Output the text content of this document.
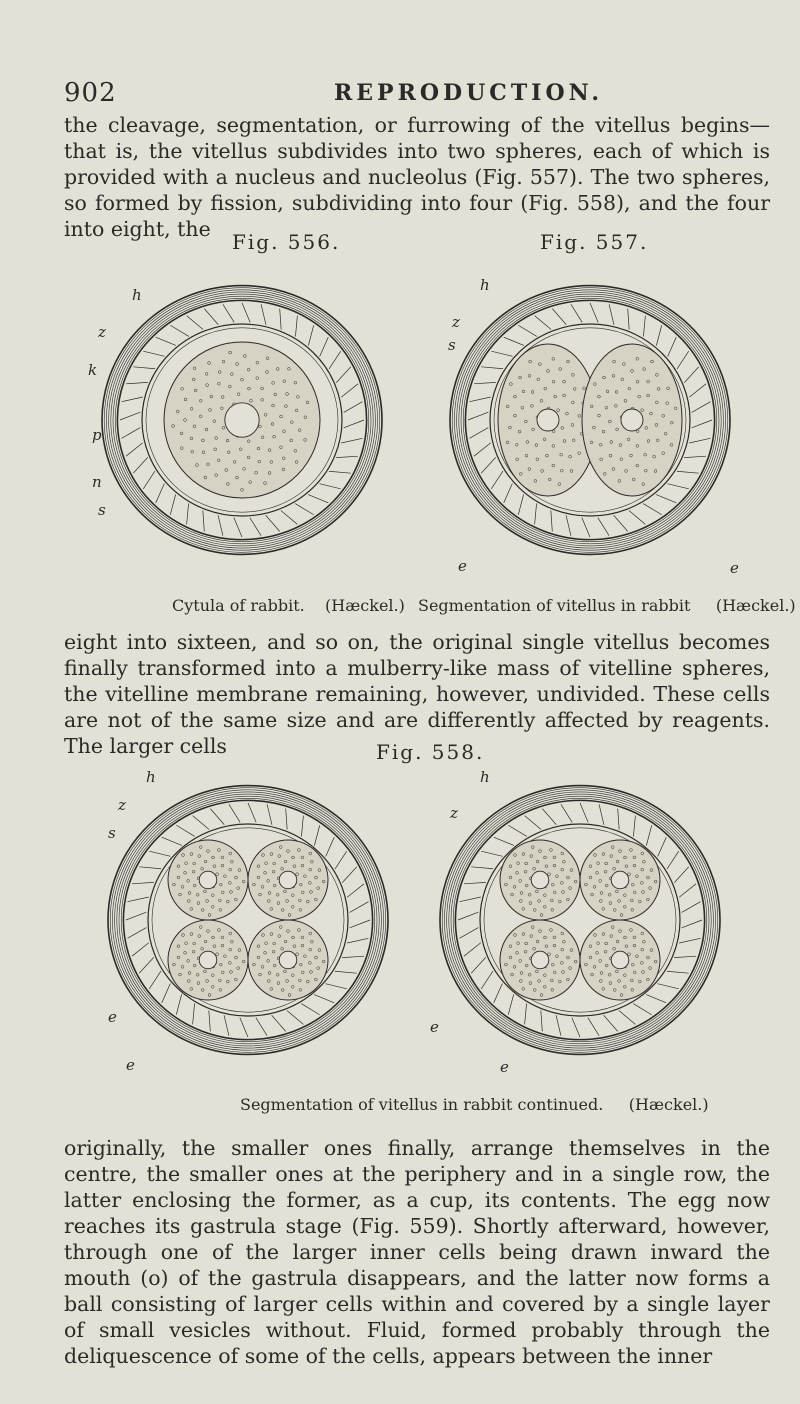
902	REPRODUCTION.

the cleavage, segmentation, or furrowing of the vitellus begins—that is, the vitellus subdivides into two spheres, each of which is provided with a nucleus and nucleolus (Fig. 557). The two spheres, so formed by fission, subdividing into four (Fig. 558), and the four into eight, the

Fig. 556.	Fig. 557.
h
z
k
p
n
s
h
z
s
e	e
Cytula of rabbit. (Hæckel.) Segmentation of vitellus in rabbit (Hæckel.)

eight into sixteen, and so on, the original single vitellus becomes finally transformed into a mulberry-like mass of vitelline spheres, the vitelline membrane remaining, however, undivided. These cells are not of the same size and are differently affected by reagents. The larger cells	Fig. 558.
h
z
s
e
e
h
z
e
e
Segmentation of vitellus in rabbit continued. (Hæckel.)

originally, the smaller ones finally, arrange themselves in the centre, the smaller ones at the periphery and in a single row, the latter enclosing the former, as a cup, its contents. The egg now reaches its gastrula stage (Fig. 559). Shortly afterward, however, through one of the larger inner cells being drawn inward the mouth (o) of the gastrula disappears, and the latter now forms a ball consisting of larger cells within and covered by a single layer of small vesicles without. Fluid, formed probably through the deliquescence of some of the cells, appears between the inner
